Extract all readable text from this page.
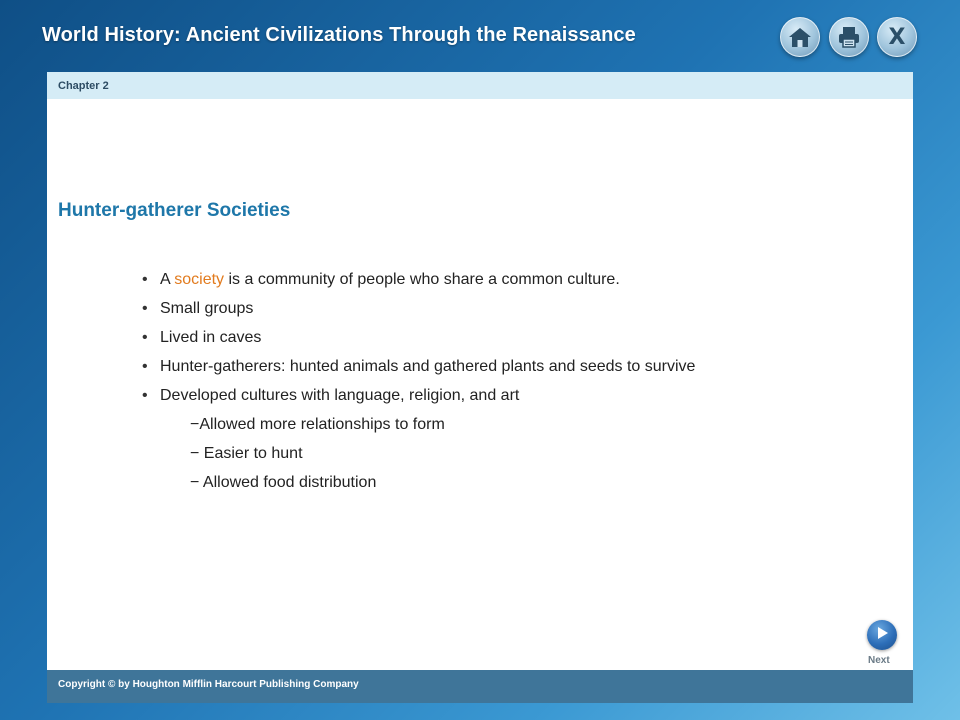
World History: Ancient Civilizations Through the Renaissance	X
Chapter 2
Hunter-gatherer Societies
• A society is a community of people who share a common culture.
• Small groups
• Lived in caves
• Hunter-gatherers: hunted animals and gathered plants and seeds to survive
• Developed cultures with language, religion, and art
−Allowed more relationships to form
− Easier to hunt
− Allowed food distribution
Next
Copyright © by Houghton Mifflin Harcourt Publishing Company
